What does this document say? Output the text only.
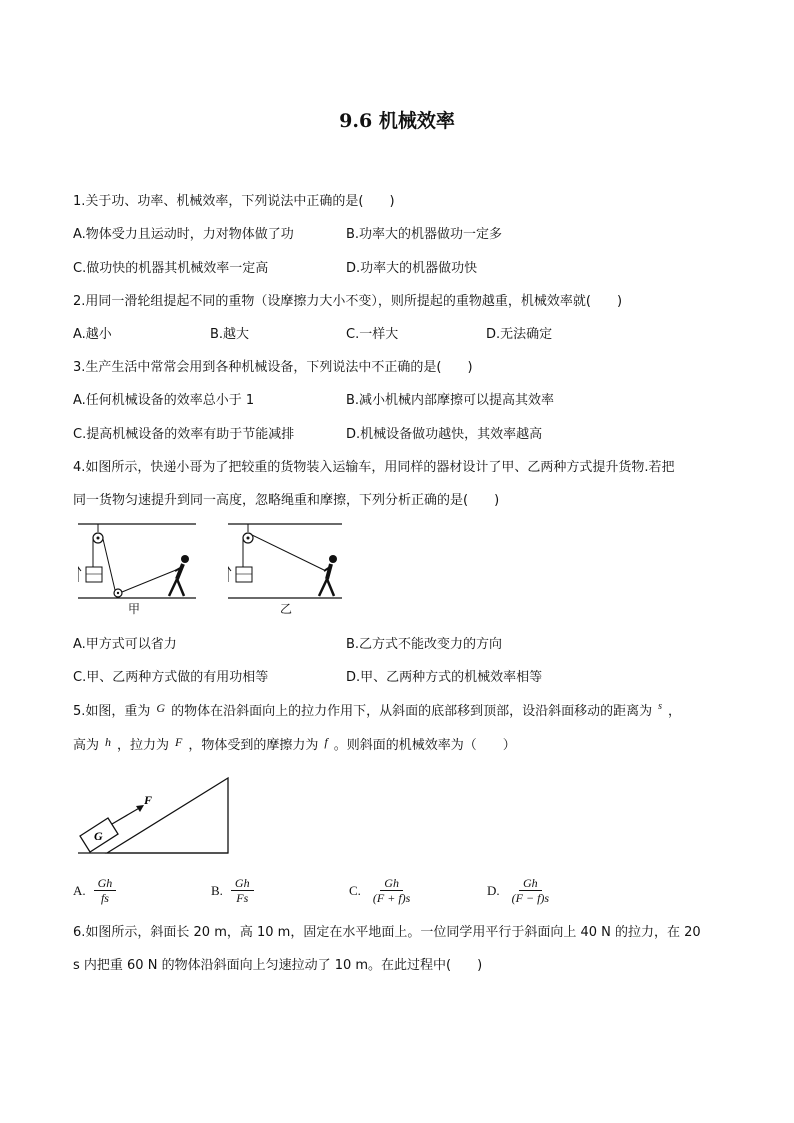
9.6 机械效率
1.关于功、功率、机械效率，下列说法中正确的是(　　)
A.物体受力且运动时，力对物体做了功	B.功率大的机器做功一定多
C.做功快的机器其机械效率一定高	D.功率大的机器做功快
2.用同一滑轮组提起不同的重物（设摩擦力大小不变），则所提起的重物越重，机械效率就(　　)
A.越小	B.越大	C.一样大	D.无法确定
3.生产生活中常常会用到各种机械设备，下列说法中不正确的是(　　)
A.任何机械设备的效率总小于 1	B.减小机械内部摩擦可以提高其效率
C.提高机械设备的效率有助于节能减排	D.机械设备做功越快，其效率越高
4.如图所示，快递小哥为了把较重的货物装入运输车，用同样的器材设计了甲、乙两种方式提升货物.若把
同一货物匀速提升到同一高度，忽略绳重和摩擦，下列分析正确的是(　　)
甲	乙
A.甲方式可以省力	B.乙方式不能改变力的方向
C.甲、乙两种方式做的有用功相等	D.甲、乙两种方式的机械效率相等
5.如图，重为 G 的物体在沿斜面向上的拉力作用下，从斜面的底部移到顶部，设沿斜面移动的距离为 s ，
高为 h ，拉力为 F ，物体受到的摩擦力为 f 。则斜面的机械效率为（　　）
G
F
A. $\frac{Gh}{fs}$	B. $\frac{Gh}{Fs}$	C. $\frac{Gh}{(F + f)s}$	D. $\frac{Gh}{(F - f)s}$
6.如图所示，斜面长 20 m，高 10 m，固定在水平地面上。一位同学用平行于斜面向上 40 N 的拉力，在 20
s 内把重 60 N 的物体沿斜面向上匀速拉动了 10 m。在此过程中(　　)
